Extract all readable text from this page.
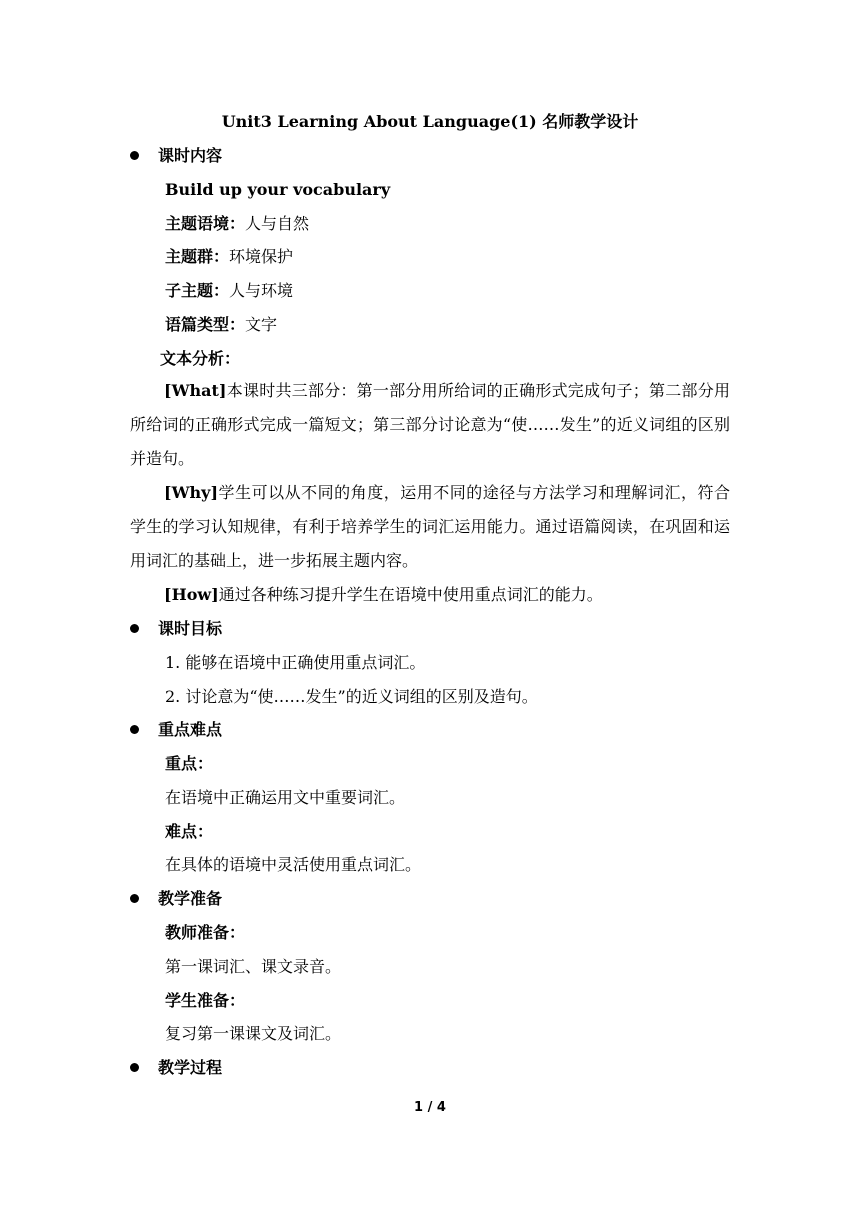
Unit3 Learning About Language(1) 名师教学设计
课时内容
Build up your vocabulary
主题语境：人与自然
主题群：环境保护
子主题：人与环境
语篇类型：文字
文本分析：
[What]本课时共三部分：第一部分用所给词的正确形式完成句子；第二部分用所给词的正确形式完成一篇短文；第三部分讨论意为“使……发生”的近义词组的区别并造句。
[Why]学生可以从不同的角度，运用不同的途径与方法学习和理解词汇，符合学生的学习认知规律，有利于培养学生的词汇运用能力。通过语篇阅读，在巩固和运用词汇的基础上，进一步拓展主题内容。
[How]通过各种练习提升学生在语境中使用重点词汇的能力。
课时目标
1. 能够在语境中正确使用重点词汇。
2. 讨论意为“使……发生”的近义词组的区别及造句。
重点难点
重点：
在语境中正确运用文中重要词汇。
难点：
在具体的语境中灵活使用重点词汇。
教学准备
教师准备：
第一课词汇、课文录音。
学生准备：
复习第一课课文及词汇。
教学过程
1 / 4
